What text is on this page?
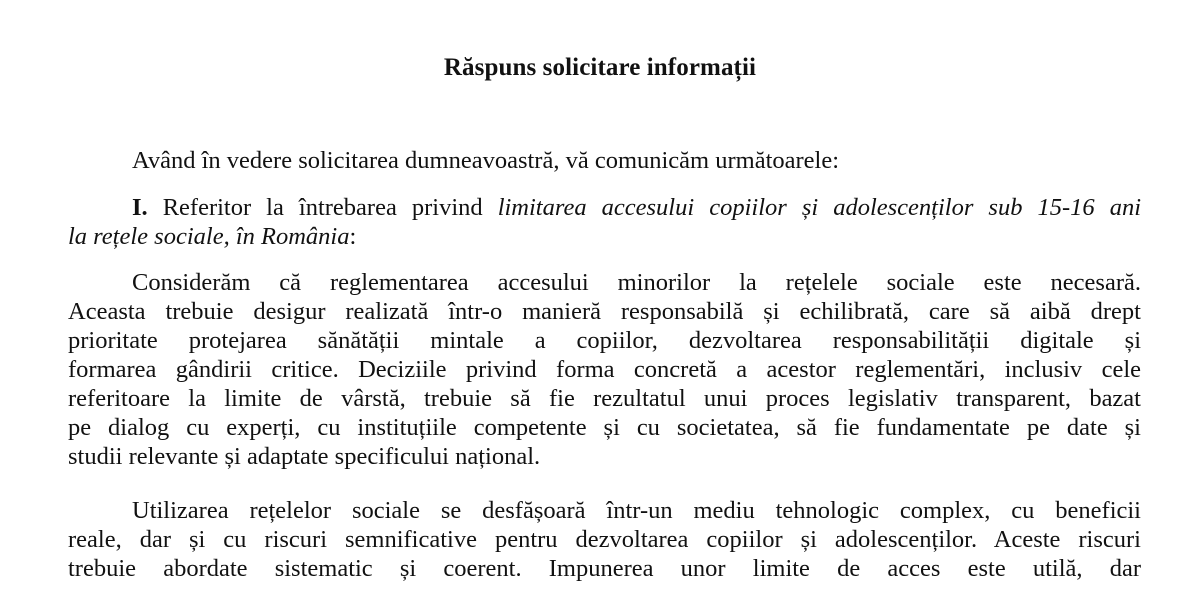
Răspuns solicitare informații

Având în vedere solicitarea dumneavoastră, vă comunicăm următoarele:

I. Referitor la întrebarea privind limitarea accesului copiilor și adolescenților sub 15-16 ani

la rețele sociale, în România:

Considerăm că reglementarea accesului minorilor la rețelele sociale este necesară.

Aceasta trebuie desigur realizată într-o manieră responsabilă și echilibrată, care să aibă drept

prioritate protejarea sănătății mintale a copiilor, dezvoltarea responsabilității digitale și

formarea gândirii critice. Deciziile privind forma concretă a acestor reglementări, inclusiv cele

referitoare la limite de vârstă, trebuie să fie rezultatul unui proces legislativ transparent, bazat

pe dialog cu experți, cu instituțiile competente și cu societatea, să fie fundamentate pe date și

studii relevante și adaptate specificului național.

Utilizarea rețelelor sociale se desfășoară într-un mediu tehnologic complex, cu beneficii

reale, dar și cu riscuri semnificative pentru dezvoltarea copiilor și adolescenților. Aceste riscuri

trebuie abordate sistematic și coerent. Impunerea unor limite de acces este utilă, dar
